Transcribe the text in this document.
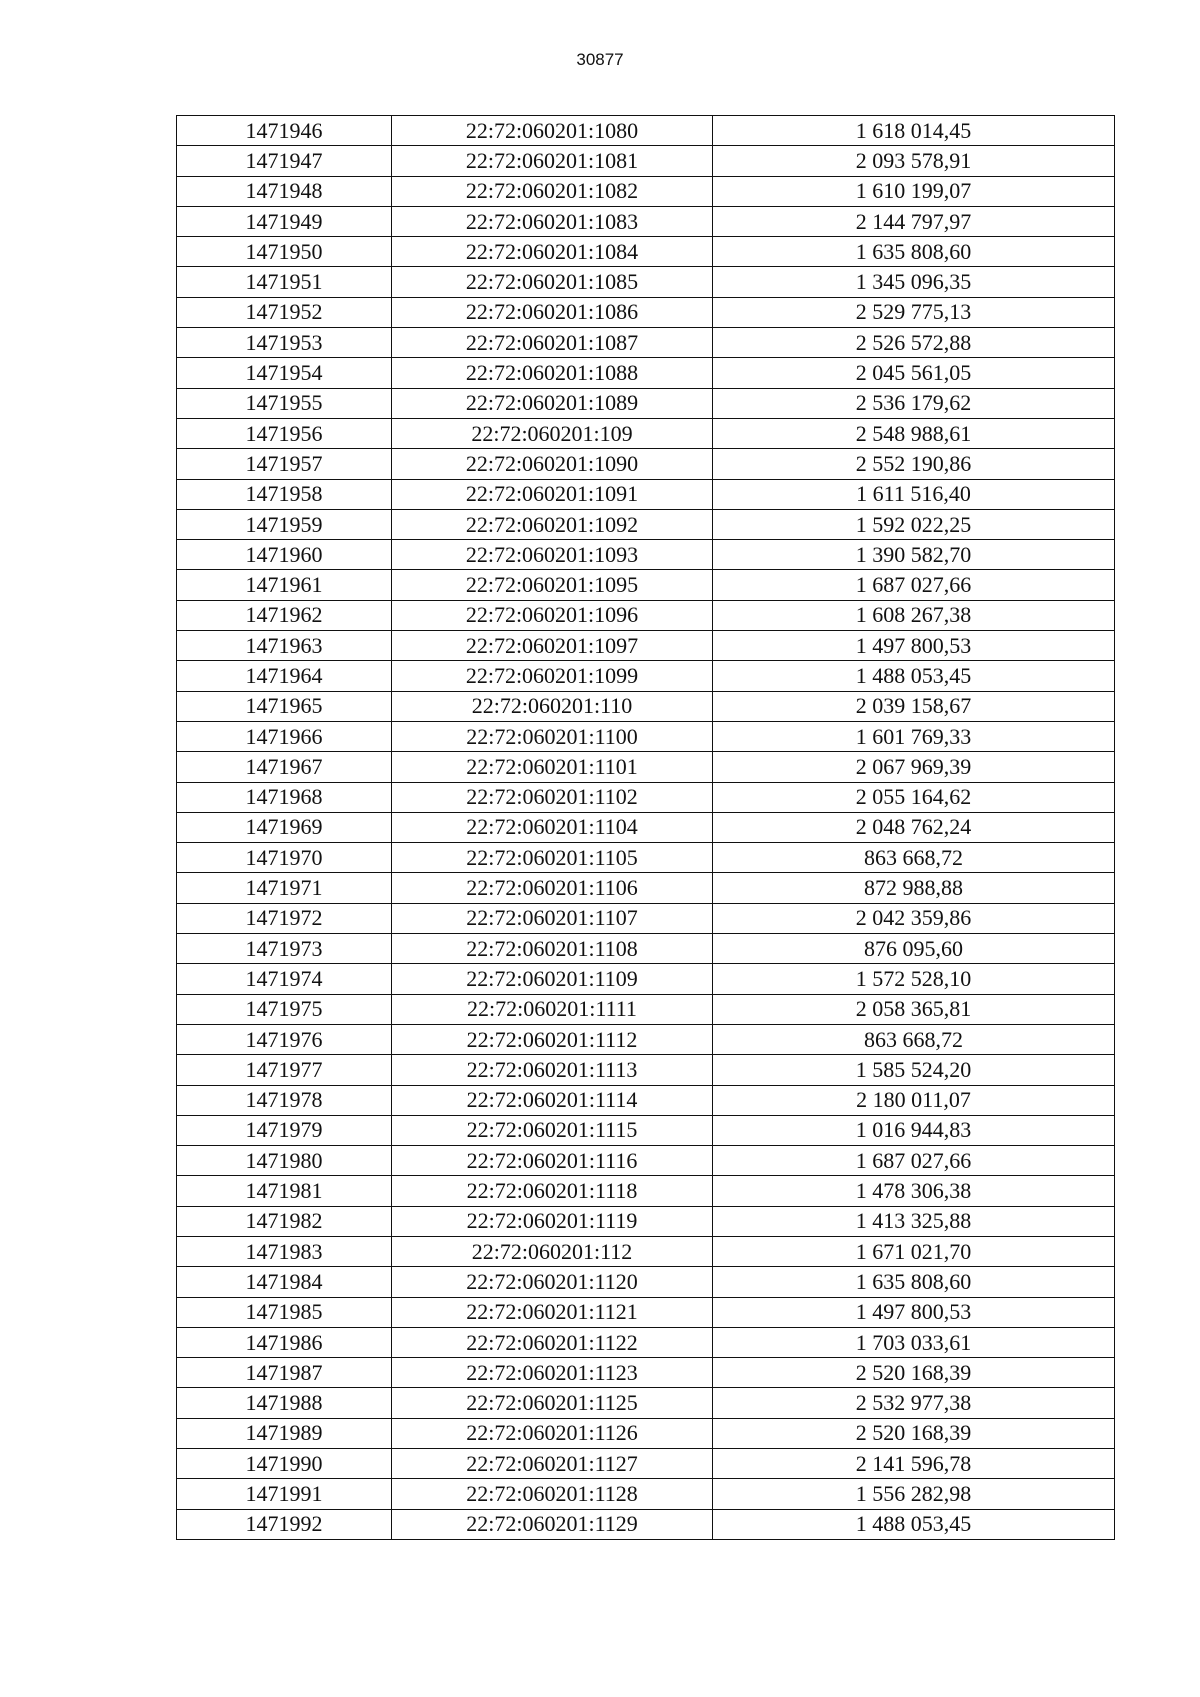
30877
1471946	22:72:060201:1080	1 618 014,45
1471947	22:72:060201:1081	2 093 578,91
1471948	22:72:060201:1082	1 610 199,07
1471949	22:72:060201:1083	2 144 797,97
1471950	22:72:060201:1084	1 635 808,60
1471951	22:72:060201:1085	1 345 096,35
1471952	22:72:060201:1086	2 529 775,13
1471953	22:72:060201:1087	2 526 572,88
1471954	22:72:060201:1088	2 045 561,05
1471955	22:72:060201:1089	2 536 179,62
1471956	22:72:060201:109	2 548 988,61
1471957	22:72:060201:1090	2 552 190,86
1471958	22:72:060201:1091	1 611 516,40
1471959	22:72:060201:1092	1 592 022,25
1471960	22:72:060201:1093	1 390 582,70
1471961	22:72:060201:1095	1 687 027,66
1471962	22:72:060201:1096	1 608 267,38
1471963	22:72:060201:1097	1 497 800,53
1471964	22:72:060201:1099	1 488 053,45
1471965	22:72:060201:110	2 039 158,67
1471966	22:72:060201:1100	1 601 769,33
1471967	22:72:060201:1101	2 067 969,39
1471968	22:72:060201:1102	2 055 164,62
1471969	22:72:060201:1104	2 048 762,24
1471970	22:72:060201:1105	863 668,72
1471971	22:72:060201:1106	872 988,88
1471972	22:72:060201:1107	2 042 359,86
1471973	22:72:060201:1108	876 095,60
1471974	22:72:060201:1109	1 572 528,10
1471975	22:72:060201:1111	2 058 365,81
1471976	22:72:060201:1112	863 668,72
1471977	22:72:060201:1113	1 585 524,20
1471978	22:72:060201:1114	2 180 011,07
1471979	22:72:060201:1115	1 016 944,83
1471980	22:72:060201:1116	1 687 027,66
1471981	22:72:060201:1118	1 478 306,38
1471982	22:72:060201:1119	1 413 325,88
1471983	22:72:060201:112	1 671 021,70
1471984	22:72:060201:1120	1 635 808,60
1471985	22:72:060201:1121	1 497 800,53
1471986	22:72:060201:1122	1 703 033,61
1471987	22:72:060201:1123	2 520 168,39
1471988	22:72:060201:1125	2 532 977,38
1471989	22:72:060201:1126	2 520 168,39
1471990	22:72:060201:1127	2 141 596,78
1471991	22:72:060201:1128	1 556 282,98
1471992	22:72:060201:1129	1 488 053,45
